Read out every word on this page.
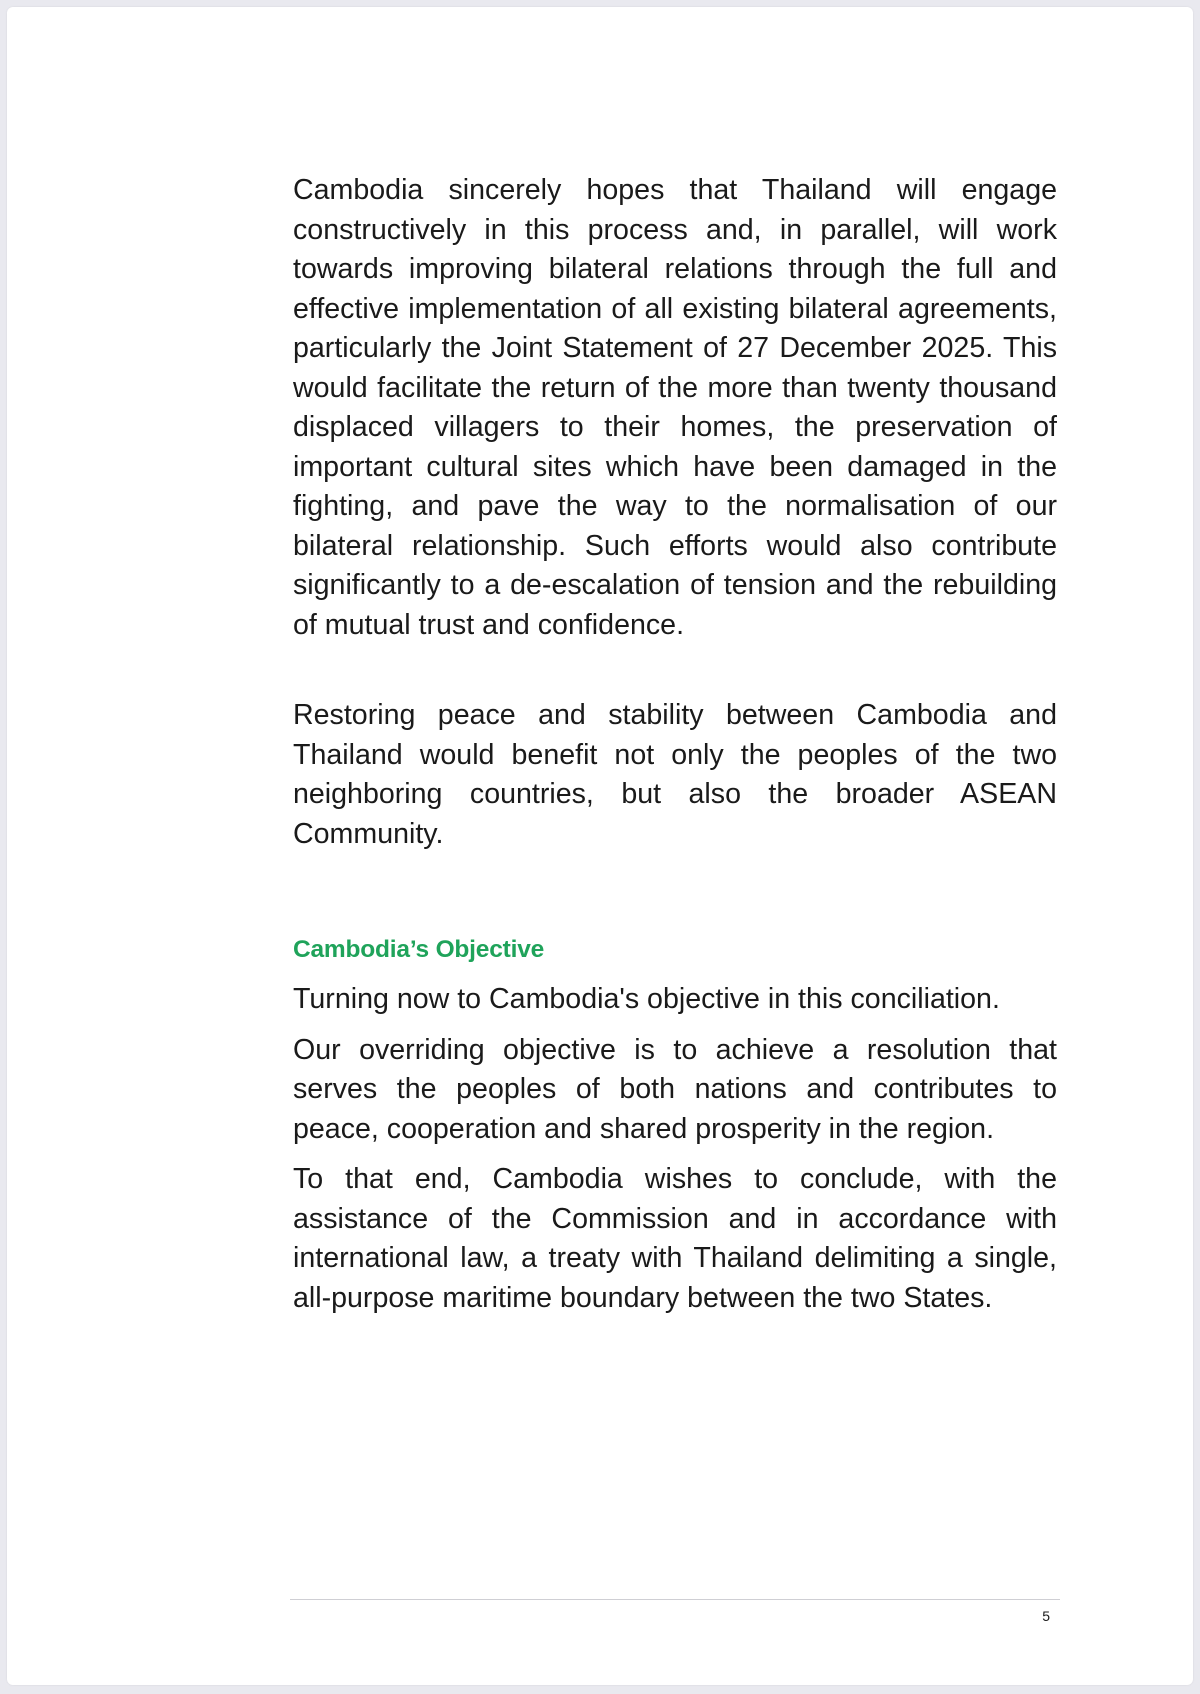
Cambodia sincerely hopes that Thailand will engage constructively in this process and, in parallel, will work towards improving bilateral relations through the full and effective implementation of all existing bilateral agreements, particularly the Joint Statement of 27 December 2025. This would facilitate the return of the more than twenty thousand displaced villagers to their homes, the preservation of important cultural sites which have been damaged in the fighting, and pave the way to the normalisation of our bilateral relationship. Such efforts would also contribute significantly to a de-escalation of tension and the rebuilding of mutual trust and confidence.

Restoring peace and stability between Cambodia and Thailand would benefit not only the peoples of the two neighboring countries, but also the broader ASEAN Community.

Cambodia’s Objective

Turning now to Cambodia's objective in this conciliation.

Our overriding objective is to achieve a resolution that serves the peoples of both nations and contributes to peace, cooperation and shared prosperity in the region.

To that end, Cambodia wishes to conclude, with the assistance of the Commission and in accordance with international law, a treaty with Thailand delimiting a single, all-purpose maritime boundary between the two States.

5
